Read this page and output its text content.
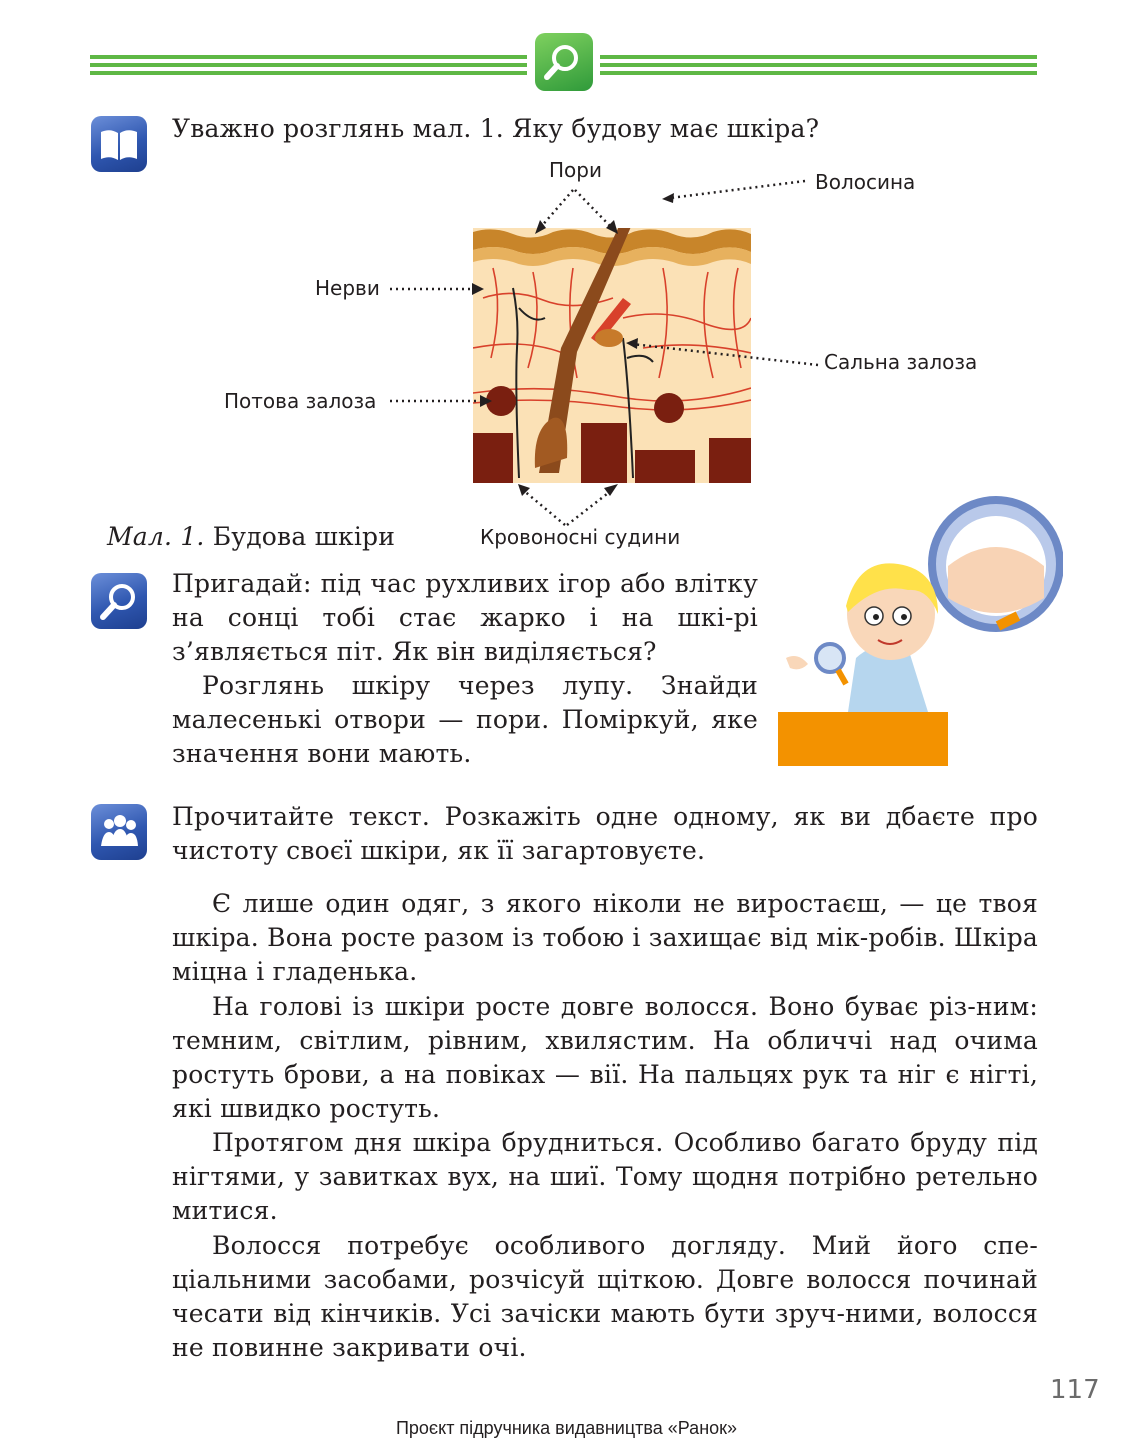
Уважно розглянь мал. 1. Яку будову має шкіра?
Пори	Волосина
Нерви
Сальна залоза
Потова залоза
Кровоносні судини
Мал. 1. Будова шкіри
Пригадай: під час рухливих ігор або влітку на сонці тобі стає жарко і на шкі-рі з’являється піт. Як він виділяється?
Розглянь шкіру через лупу. Знайди малесенькі отвори — пори. Поміркуй, яке значення вони мають.
Прочитайте текст. Розкажіть одне одному, як ви дбаєте про чистоту своєї шкіри, як її загартовуєте.
Є лише один одяг, з якого ніколи не виростаєш, — це твоя шкіра. Вона росте разом із тобою і захищає від мік-робів. Шкіра міцна і гладенька.
На голові із шкіри росте довге волосся. Воно буває різ-ним: темним, світлим, рівним, хвилястим. На обличчі над очима ростуть брови, а на повіках — вії. На пальцях рук та ніг є нігті, які швидко ростуть.
Протягом дня шкіра брудниться. Особливо багато бруду під нігтями, у завитках вух, на шиї. Тому щодня потрібно ретельно митися.
Волосся потребує особливого догляду. Мий його спе-ціальними засобами, розчісуй щіткою. Довге волосся починай чесати від кінчиків. Усі зачіски мають бути зруч-ними, волосся не повинне закривати очі.
117
Проєкт підручника видавництва «Ранок»
